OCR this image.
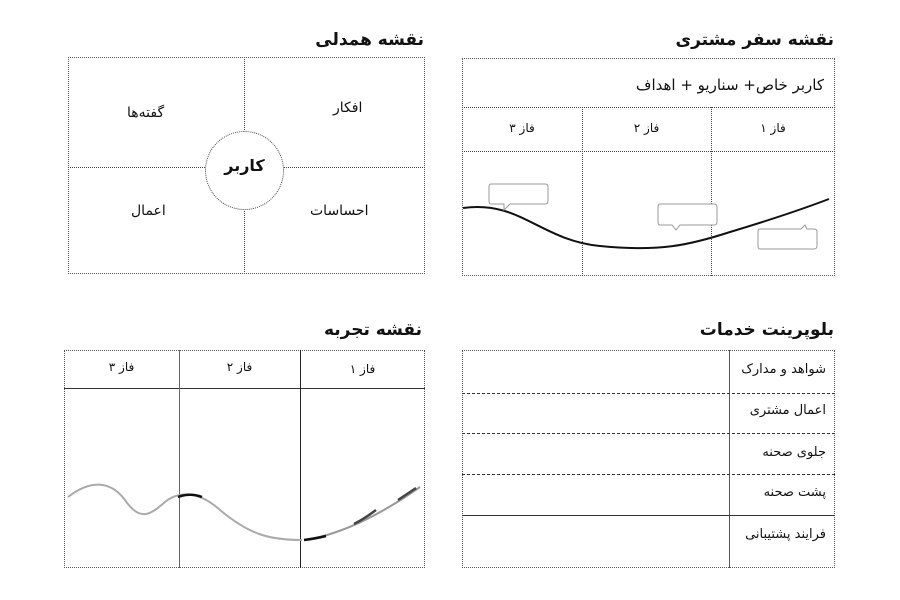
نقشه همدلی
کاربر
افکار
گفته‌ها
احساسات
اعمال
نقشه سفر مشتری
کاربر خاص+ سناریو + اهداف
فاز ۱
فاز ۲
فاز ۳
نقشه تجربه
فاز ۱
فاز ۲
فاز ۳
بلوپرینت خدمات
شواهد و مدارک
اعمال مشتری
جلوی صحنه
پشت صحنه
فرایند پشتیبانی
